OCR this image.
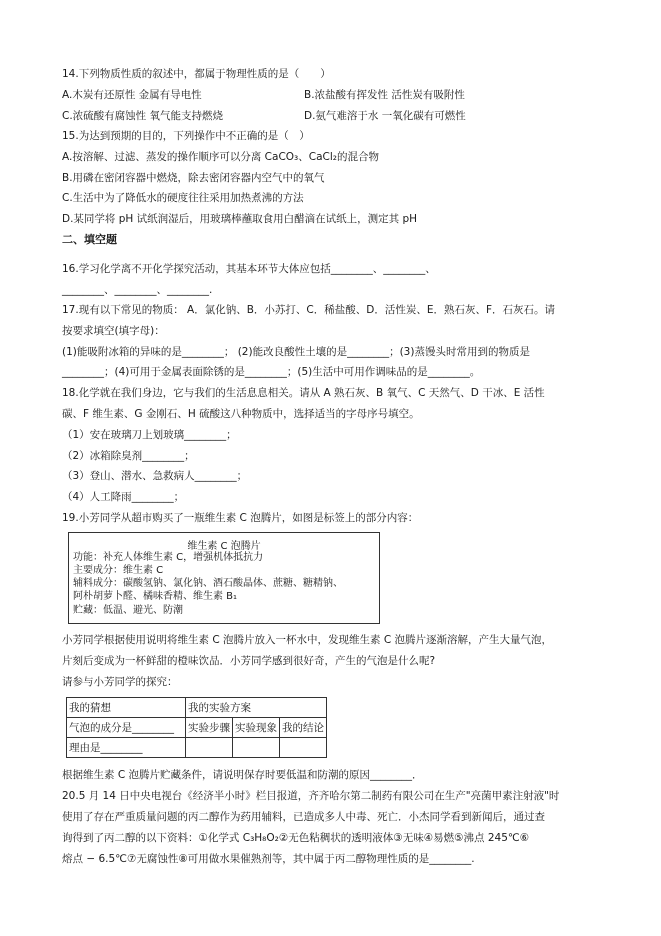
14.下列物质性质的叙述中，都属于物理性质的是（　　）
A.木炭有还原性 金属有导电性	B.浓盐酸有挥发性 活性炭有吸附性
C.浓硫酸有腐蚀性 氧气能支持燃烧	D.氨气难溶于水 一氧化碳有可燃性
15.为达到预期的目的，下列操作中不正确的是（　）
A.按溶解、过滤、蒸发的操作顺序可以分离 CaCO₃、CaCl₂的混合物
B.用磷在密闭容器中燃烧，除去密闭容器内空气中的氧气
C.生活中为了降低水的硬度往往采用加热煮沸的方法
D.某同学将 pH 试纸润湿后，用玻璃棒蘸取食用白醋滴在试纸上，测定其 pH
二、填空题
16.学习化学离不开化学探究活动，其基本环节大体应包括________、________、
________、________、________.
17.现有以下常见的物质： A．氯化钠、B．小苏打、C．稀盐酸、D．活性炭、E．熟石灰、F．石灰石。请
按要求填空(填字母)：
(1)能吸附冰箱的异味的是________； (2)能改良酸性土壤的是________；(3)蒸馒头时常用到的物质是
________；(4)可用于金属表面除锈的是________；(5)生活中可用作调味品的是________。
18.化学就在我们身边，它与我们的生活息息相关。请从 A 熟石灰、B 氧气、C 天然气、D 干冰、E 活性
碳、F 维生素、G 金刚石、H 硫酸这八种物质中，选择适当的字母序号填空。
（1）安在玻璃刀上划玻璃________；
（2）冰箱除臭剂________；
（3）登山、潜水、急救病人________；
（4）人工降雨________；
19.小芳同学从超市购买了一瓶维生素 C 泡腾片，如图是标签上的部分内容：
维生素 C 泡腾片
功能：补充人体维生素 C，增强机体抵抗力
主要成分：维生素 C
辅料成分：碳酸氢钠、氯化钠、酒石酸晶体、蔗糖、糖精钠、
阿朴胡萝卜醛、橘味香精、维生素 B₁
贮藏：低温、避光、防潮
小芳同学根据使用说明将维生素 C 泡腾片放入一杯水中，发现维生素 C 泡腾片逐渐溶解，产生大量气泡，
片刻后变成为一杯鲜甜的橙味饮品．小芳同学感到很好奇，产生的气泡是什么呢?
请参与小芳同学的探究：
我的猜想	我的实验方案		
气泡的成分是________	实验步骤	实验现象	我的结论
理由是________			
根据维生素 C 泡腾片贮藏条件，请说明保存时要低温和防潮的原因________．
20.5 月 14 日中央电视台《经济半小时》栏目报道，齐齐哈尔第二制药有限公司在生产"亮菌甲素注射液"时
使用了存在严重质量问题的丙二醇作为药用辅料，已造成多人中毒、死亡．小杰同学看到新闻后，通过查
询得到了丙二醇的以下资料：①化学式 C₃H₈O₂②无色粘稠状的透明液体③无味④易燃⑤沸点 245℃⑥
熔点 − 6.5℃⑦无腐蚀性⑧可用做水果催熟剂等，其中属于丙二醇物理性质的是________.
